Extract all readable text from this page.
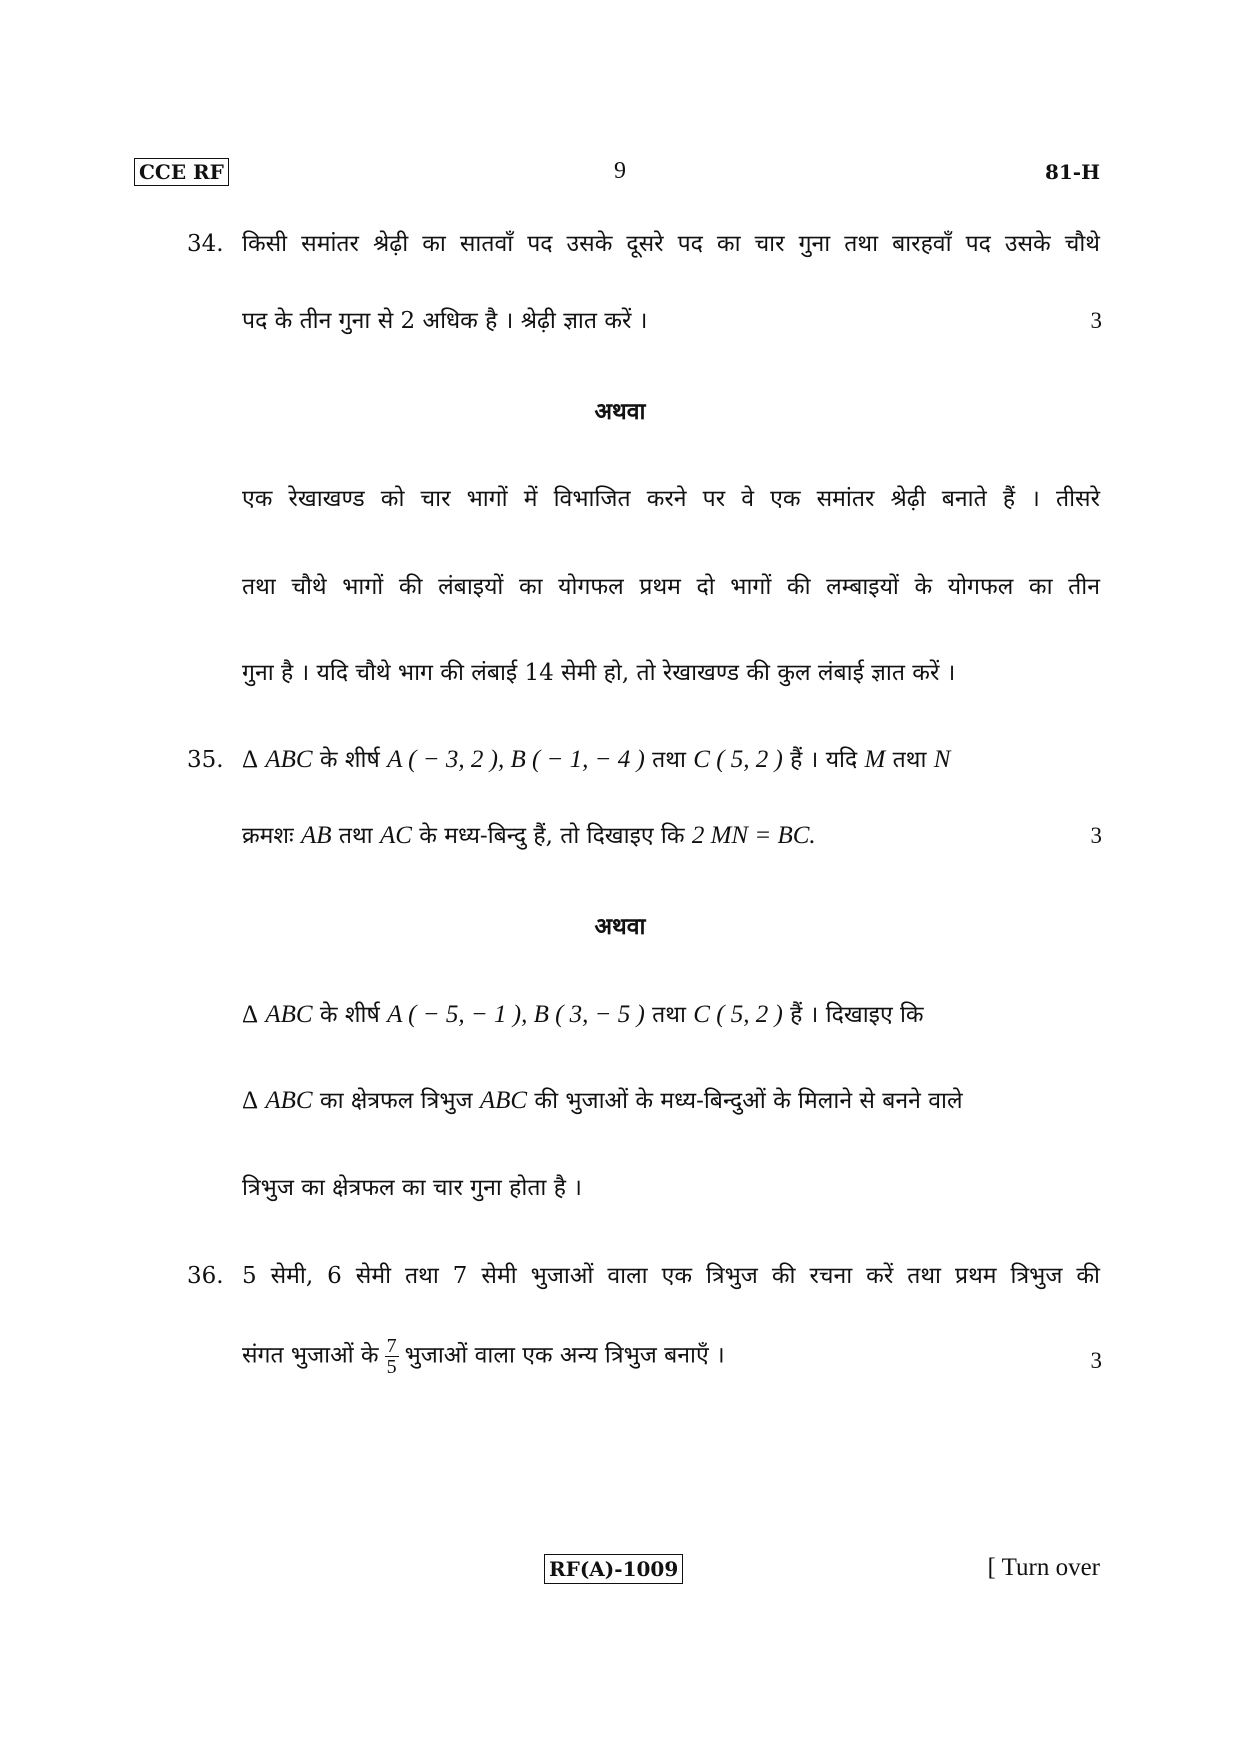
CCE RF	9	81-H
34. किसी समांतर श्रेढ़ी का सातवाँ पद उसके दूसरे पद का चार गुना तथा बारहवाँ पद उसके चौथे
पद के तीन गुना से 2 अधिक है । श्रेढ़ी ज्ञात करें ।	3
अथवा
एक रेखाखण्ड को चार भागों में विभाजित करने पर वे एक समांतर श्रेढ़ी बनाते हैं । तीसरे
तथा चौथे भागों की लंबाइयों का योगफल प्रथम दो भागों की लम्बाइयों के योगफल का तीन
गुना है । यदि चौथे भाग की लंबाई 14 सेमी हो, तो रेखाखण्ड की कुल लंबाई ज्ञात करें ।
35. Δ ABC के शीर्ष A ( − 3, 2 ), B ( − 1, − 4 ) तथा C ( 5, 2 ) हैं । यदि M तथा N
क्रमशः AB तथा AC के मध्य-बिन्दु हैं, तो दिखाइए कि 2 MN = BC.	3
अथवा
Δ ABC के शीर्ष A ( − 5, − 1 ), B ( 3, − 5 ) तथा C ( 5, 2 ) हैं । दिखाइए कि
Δ ABC का क्षेत्रफल त्रिभुज ABC की भुजाओं के मध्य-बिन्दुओं के मिलाने से बनने वाले
त्रिभुज का क्षेत्रफल का चार गुना होता है ।
36. 5 सेमी, 6 सेमी तथा 7 सेमी भुजाओं वाला एक त्रिभुज की रचना करें तथा प्रथम त्रिभुज की
संगत भुजाओं के $\frac{7}{5}$ भुजाओं वाला एक अन्य त्रिभुज बनाएँ ।	3
RF(A)-1009	[ Turn over
